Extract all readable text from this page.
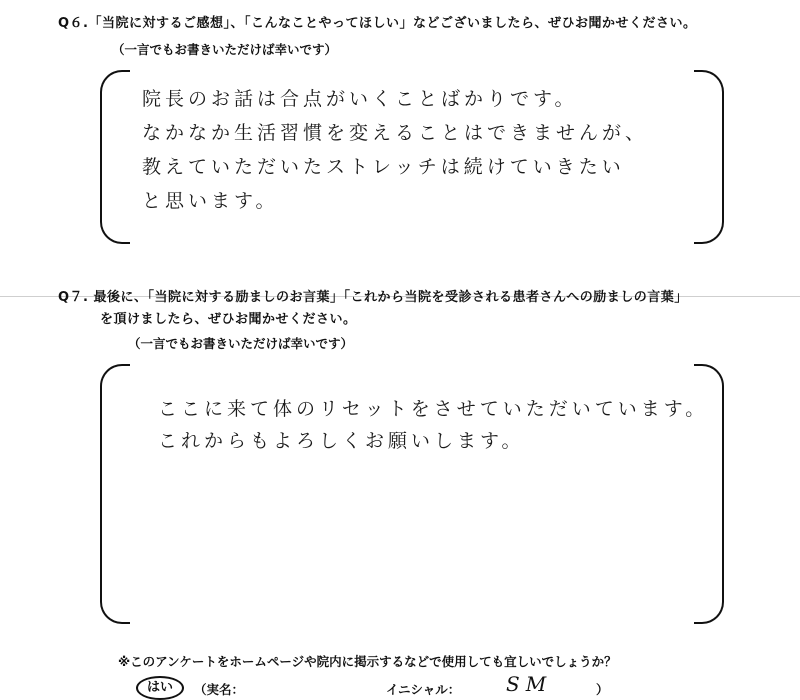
Q６.「当院に対するご感想」、「こんなことやってほしい」などございましたら、ぜひお聞かせください。
（一言でもお書きいただけば幸いです）
院長のお話は合点がいくことばかりです。
なかなか生活習慣を変えることはできませんが、
教えていただいたストレッチは続けていきたい
と思います。
Q７. 最後に、「当院に対する励ましのお言葉」「これから当院を受診される患者さんへの励ましの言葉」
を頂けましたら、ぜひお聞かせください。
（一言でもお書きいただけば幸いです）
ここに来て体のリセットをさせていただいています。
これからもよろしくお願いします。
※このアンケートをホームページや院内に掲示するなどで使用しても宜しいでしょうか？
はい	（実名：	イニシャル： SM	）
